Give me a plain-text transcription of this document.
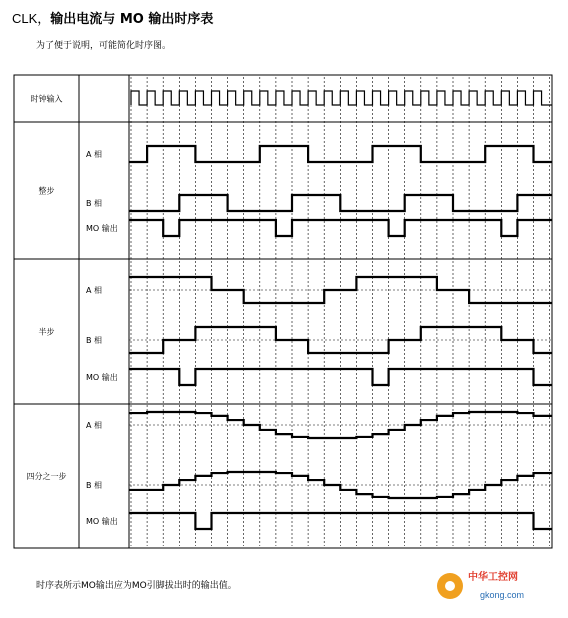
CLK，输出电流与 MO 输出时序表
为了便于说明，可能简化时序图。
时钟输入
整步
A 相
B 相
MO 输出
半步
A 相
B 相
MO 输出
四分之一步
A 相
B 相
MO 输出
中华工控网
gkong.com
时序表所示MO输出应为MO引脚拔出时的输出值。
